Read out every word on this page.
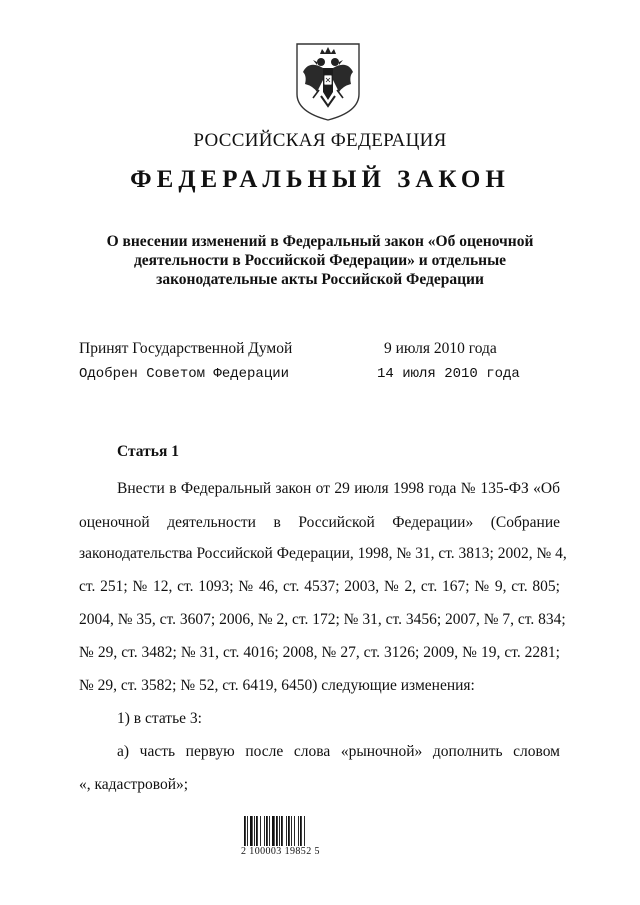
РОССИЙСКАЯ ФЕДЕРАЦИЯ
ФЕДЕРАЛЬНЫЙ ЗАКОН
О внесении изменений в Федеральный закон «Об оценочной
деятельности в Российской Федерации» и отдельные
законодательные акты Российской Федерации
Принят Государственной Думой	9 июля 2010 года
Одобрен Советом Федерации	14 июля 2010 года
Статья 1
Внести в Федеральный закон от 29 июля 1998 года № 135-ФЗ «Об
оценочной деятельности в Российской Федерации» (Собрание
законодательства Российской Федерации, 1998, № 31, ст. 3813; 2002, № 4,
ст. 251; № 12, ст. 1093; № 46, ст. 4537; 2003, № 2, ст. 167; № 9, ст. 805;
2004, № 35, ст. 3607; 2006, № 2, ст. 172; № 31, ст. 3456; 2007, № 7, ст. 834;
№ 29, ст. 3482; № 31, ст. 4016; 2008, № 27, ст. 3126; 2009, № 19, ст. 2281;
№ 29, ст. 3582; № 52, ст. 6419, 6450) следующие изменения:
1) в статье 3:
а) часть первую после слова «рыночной» дополнить словом
«, кадастровой»;
2 100003 19852 5
